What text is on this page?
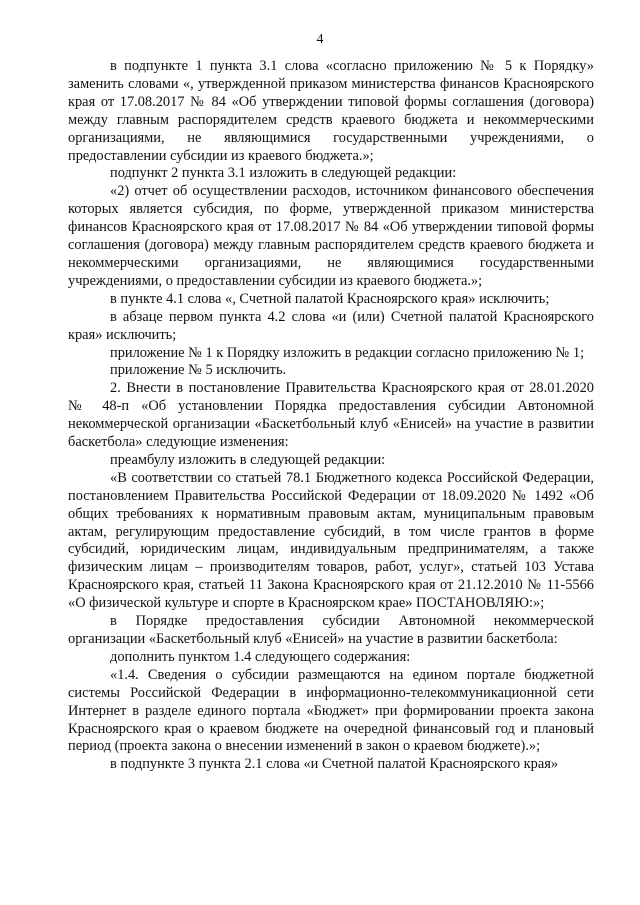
4

в подпункте 1 пункта 3.1 слова «согласно приложению № 5 к Порядку» заменить словами «, утвержденной приказом министерства финансов Красноярского края от 17.08.2017 № 84 «Об утверждении типовой формы соглашения (договора) между главным распорядителем средств краевого бюджета и некоммерческими организациями, не являющимися государственными учреждениями, о предоставлении субсидии из краевого бюджета.»;

подпункт 2 пункта 3.1 изложить в следующей редакции:

«2) отчет об осуществлении расходов, источником финансового обеспечения которых является субсидия, по форме, утвержденной приказом министерства финансов Красноярского края от 17.08.2017 № 84 «Об утверждении типовой формы соглашения (договора) между главным распорядителем средств краевого бюджета и некоммерческими организациями, не являющимися государственными учреждениями, о предоставлении субсидии из краевого бюджета.»;

в пункте 4.1 слова «, Счетной палатой Красноярского края» исключить;

в абзаце первом пункта 4.2 слова «и (или) Счетной палатой Красноярского края» исключить;

приложение № 1 к Порядку изложить в редакции согласно приложению № 1;

приложение № 5 исключить.

2. Внести в постановление Правительства Красноярского края от 28.01.2020 № 48-п «Об установлении Порядка предоставления субсидии Автономной некоммерческой организации «Баскетбольный клуб «Енисей» на участие в развитии баскетбола» следующие изменения:

преамбулу изложить в следующей редакции:

«В соответствии со статьей 78.1 Бюджетного кодекса Российской Федерации, постановлением Правительства Российской Федерации от 18.09.2020 № 1492 «Об общих требованиях к нормативным правовым актам, муниципальным правовым актам, регулирующим предоставление субсидий, в том числе грантов в форме субсидий, юридическим лицам, индивидуальным предпринимателям, а также физическим лицам – производителям товаров, работ, услуг», статьей 103 Устава Красноярского края, статьей 11 Закона Красноярского края от 21.12.2010 № 11-5566 «О физической культуре и спорте в Красноярском крае» ПОСТАНОВЛЯЮ:»;

в Порядке предоставления субсидии Автономной некоммерческой организации «Баскетбольный клуб «Енисей» на участие в развитии баскетбола:

дополнить пунктом 1.4 следующего содержания:

«1.4. Сведения о субсидии размещаются на едином портале бюджетной системы Российской Федерации в информационно-телекоммуникационной сети Интернет в разделе единого портала «Бюджет» при формировании проекта закона Красноярского края о краевом бюджете на очередной финансовый год и плановый период (проекта закона о внесении изменений в закон о краевом бюджете).»;

в подпункте 3 пункта 2.1 слова «и Счетной палатой Красноярского края»
